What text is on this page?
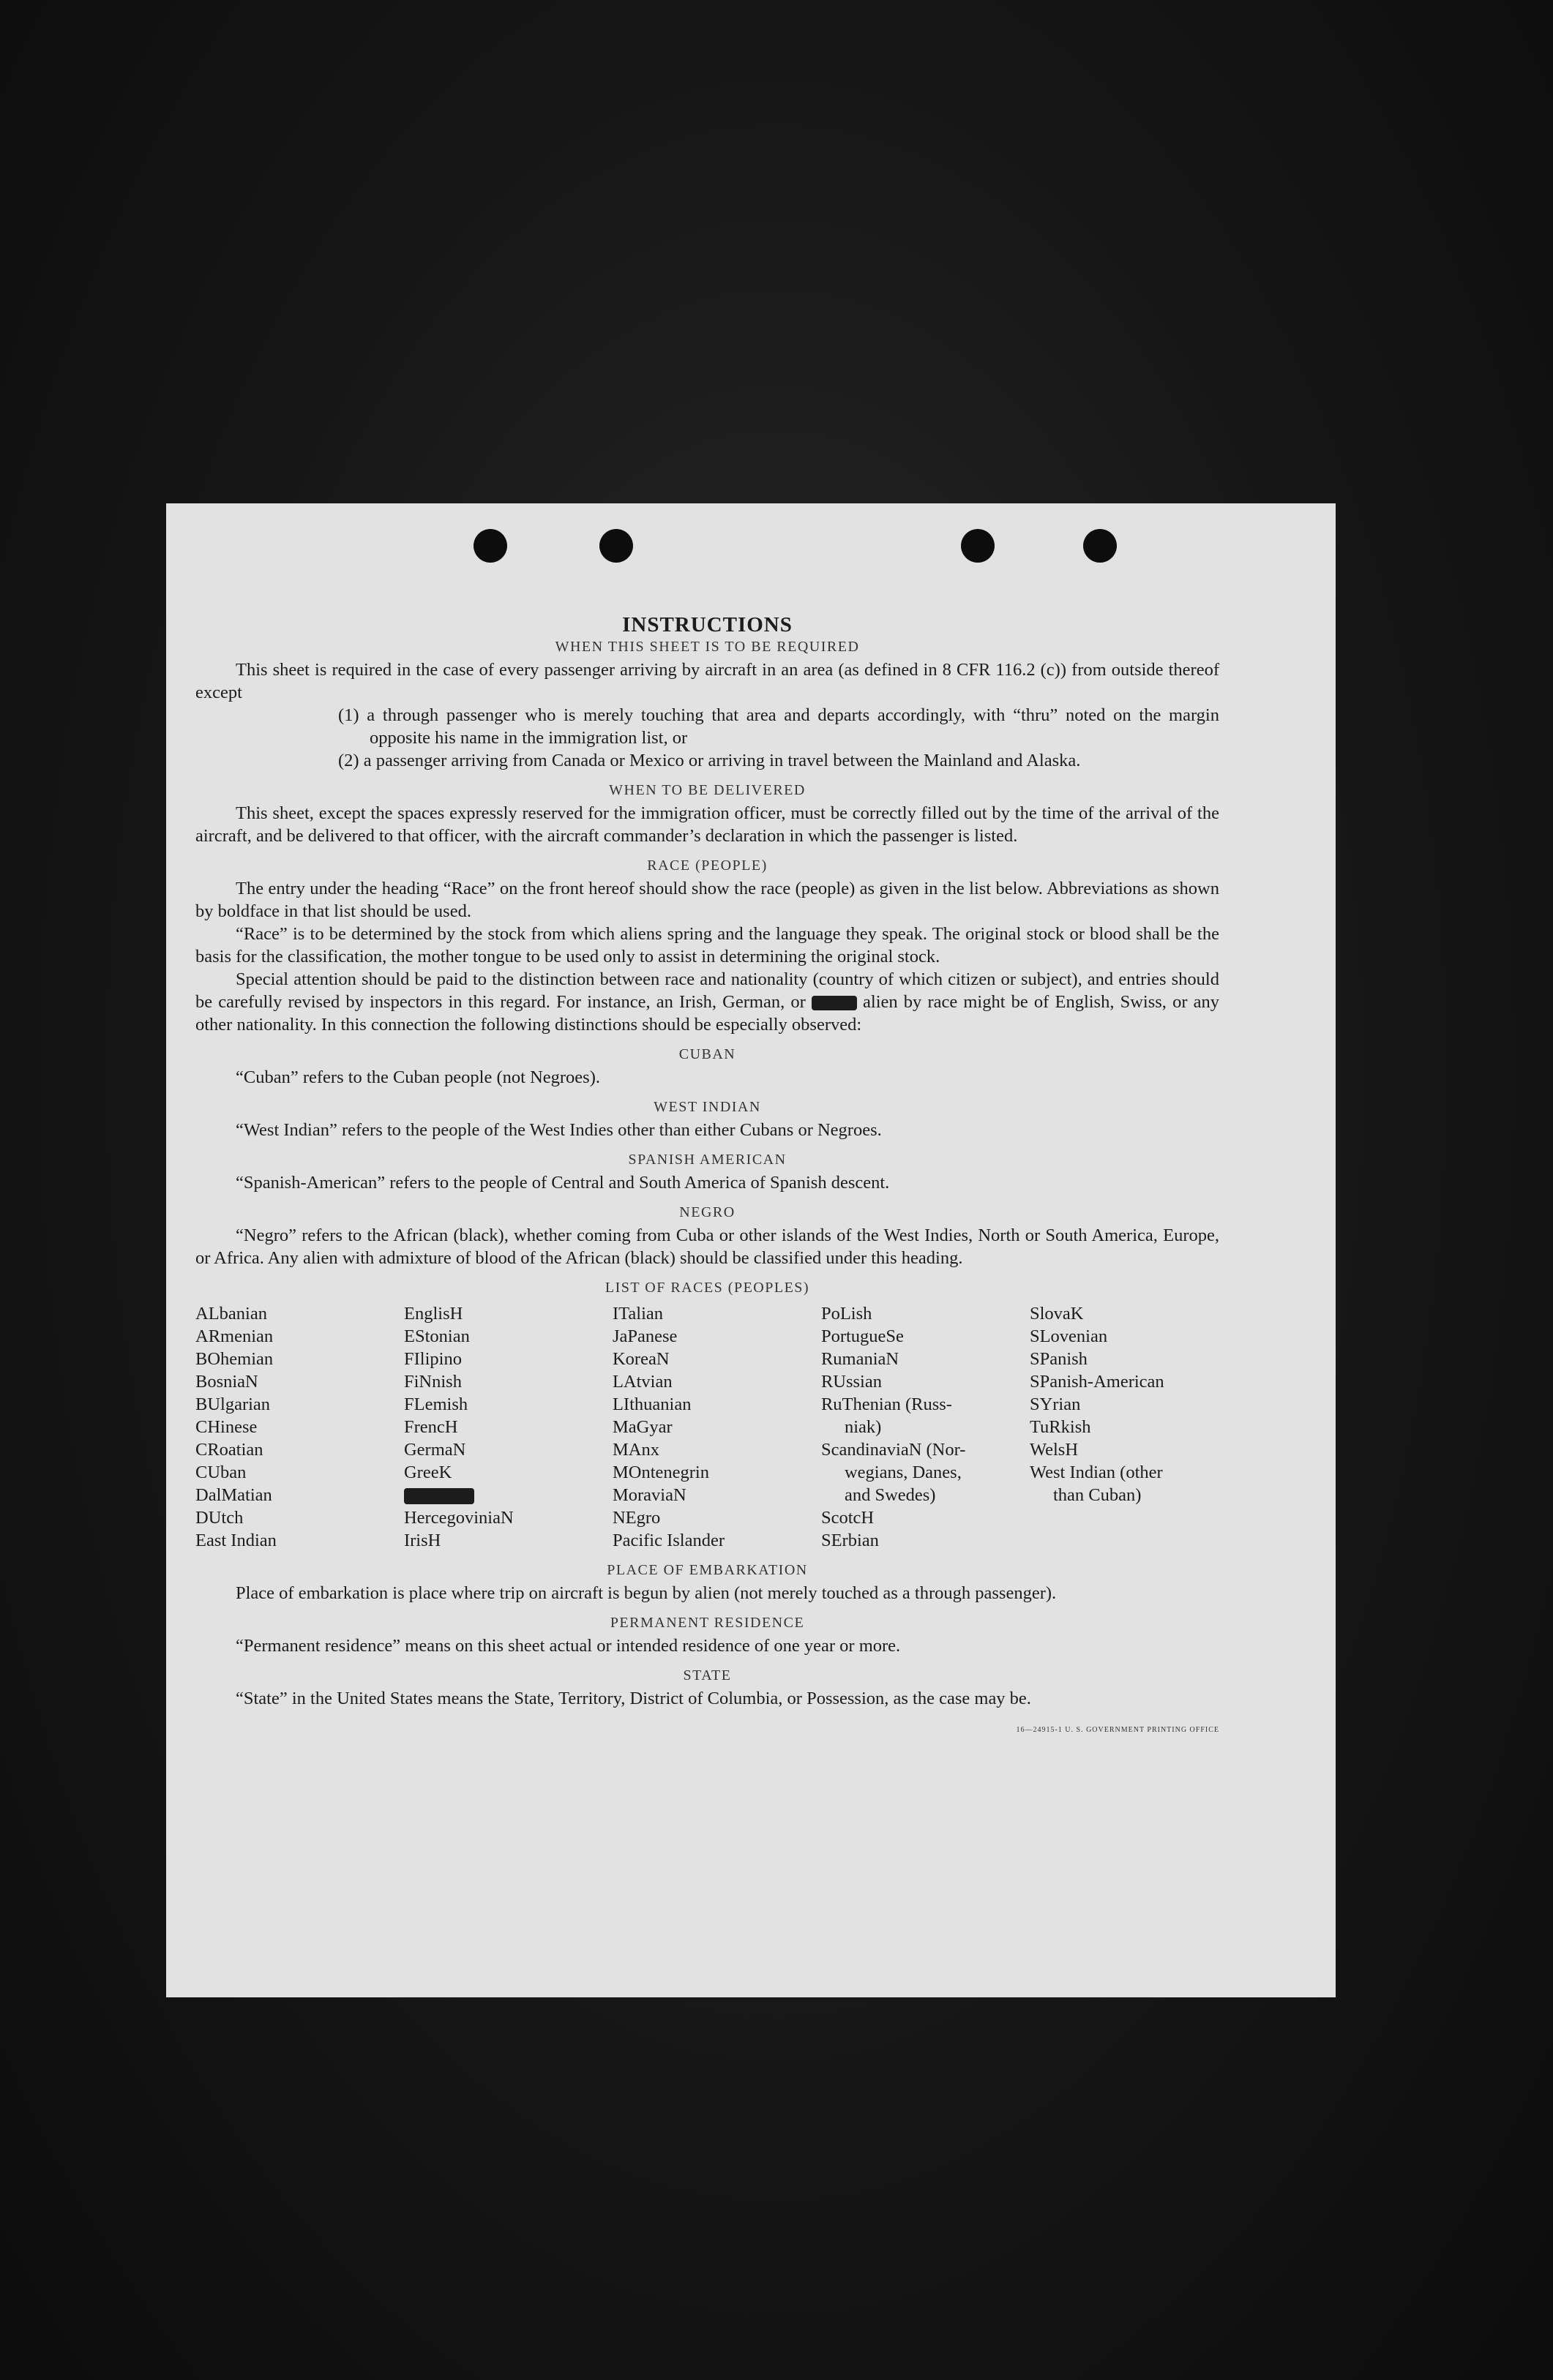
INSTRUCTIONS
WHEN THIS SHEET IS TO BE REQUIRED

This sheet is required in the case of every passenger arriving by aircraft in an area (as defined in 8 CFR 116.2 (c)) from outside thereof except

(1) a through passenger who is merely touching that area and departs accordingly, with “thru” noted on the margin opposite his name in the immigration list, or

(2) a passenger arriving from Canada or Mexico or arriving in travel between the Mainland and Alaska.

WHEN TO BE DELIVERED

This sheet, except the spaces expressly reserved for the immigration officer, must be correctly filled out by the time of the arrival of the aircraft, and be delivered to that officer, with the aircraft commander’s declaration in which the passenger is listed.

RACE (PEOPLE)

The entry under the heading “Race” on the front hereof should show the race (people) as given in the list below. Abbreviations as shown by boldface in that list should be used.

“Race” is to be determined by the stock from which aliens spring and the language they speak. The original stock or blood shall be the basis for the classification, the mother tongue to be used only to assist in determining the original stock.

Special attention should be paid to the distinction between race and nationality (country of which citizen or subject), and entries should be carefully revised by inspectors in this regard. For instance, an Irish, German, or	alien by race might be of English, Swiss, or any other nationality. In this connection the following distinctions should be especially observed:

CUBAN

“Cuban” refers to the Cuban people (not Negroes).

WEST INDIAN

“West Indian” refers to the people of the West Indies other than either Cubans or Negroes.

SPANISH AMERICAN

“Spanish-American” refers to the people of Central and South America of Spanish descent.

NEGRO

“Negro” refers to the African (black), whether coming from Cuba or other islands of the West Indies, North or South America, Europe, or Africa. Any alien with admixture of blood of the African (black) should be classified under this heading.

LIST OF RACES (PEOPLES)
ALbanian
ARmenian
BOhemian
BosniaN
BUlgarian
CHinese
CRoatian
CUban
DalMatian
DUtch
East Indian
EnglisH
EStonian
FIlipino
FiNnish
FLemish
FrencH
GermaN
GreeK
HercegoviniaN
IrisH
ITalian
JaPanese
KoreaN
LAtvian
LIthuanian
MaGyar
MAnx
MOntenegrin
MoraviaN
NEgro
Pacific Islander
PoLish
PortugueSe
RumaniaN
RUssian
RuThenian (Russ-
niak)
ScandinaviaN (Nor-
wegians, Danes,
and Swedes)
ScotcH
SErbian
SlovaK
SLovenian
SPanish
SPanish-American
SYrian
TuRkish
WelsH
West Indian (other
than Cuban)
PLACE OF EMBARKATION

Place of embarkation is place where trip on aircraft is begun by alien (not merely touched as a through passenger).

PERMANENT RESIDENCE

“Permanent residence” means on this sheet actual or intended residence of one year or more.

STATE

“State” in the United States means the State, Territory, District of Columbia, or Possession, as the case may be.
16—24915-1 U. S. GOVERNMENT PRINTING OFFICE
